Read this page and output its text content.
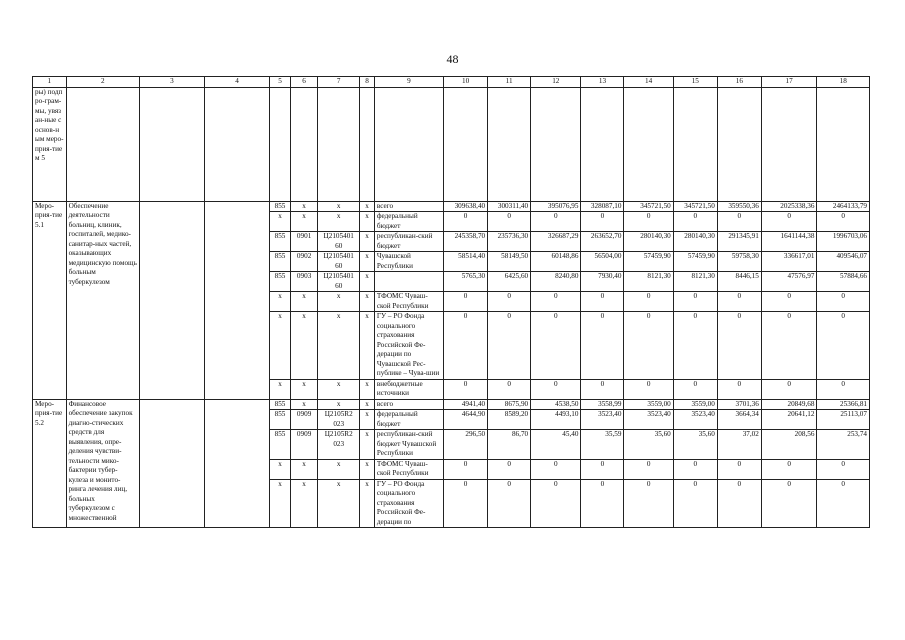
48
1	2	3	4	5	6	7	8	9	10	11	12	13	14	15	16	17	18
ры) подпро-грам-мы, увязан-ные с основ-ным меро-прия-тием 5																	
Меро-прия-тие 5.1	Обеспечение деятельности больниц, клиник, госпиталей, медико-санитар-ных частей, оказывающих медицинскую помощь больным туберкулезом			855	x	x	x	всего	309638,40	300311,40	395076,95	328087,10	345721,50	345721,50	359550,36	2025338,36	2464133,79
				x	x	x	x	федеральный бюджет	0	0	0	0	0	0	0	0	0
				855	0901	Ц2105401 60	x	республикан-ский бюджет	245358,70	235736,30	326687,29	263652,70	280140,30	280140,30	291345,91	1641144,38	1996703,06
				855	0902	Ц2105401 60	x	Чувашской Республики	58514,40	58149,50	60148,86	56504,00	57459,90	57459,90	59758,30	336617,01	409546,07
				855	0903	Ц2105401 60	x		5765,30	6425,60	8240,80	7930,40	8121,30	8121,30	8446,15	47576,97	57884,66
				x	x	x	x	ТФОМС Чуваш-ской Республики	0	0	0	0	0	0	0	0	0
				x	x	x	x	ГУ – РО Фонда социального страхования Российской Фе-дерации по Чувашской Рес-публике – Чува-шии	0	0	0	0	0	0	0	0	0
				x	x	x	x	внебюджетные источники	0	0	0	0	0	0	0	0	0
Меро-прия-тие 5.2	Финансовое обеспечение закупок диагно-стических средств для выявления, опре-деления чувстви-тельности мико-бактерии тубер-кулеза и монито-ринга лечения лиц, больных туберкулезом с множественной			855	x	x	x	всего	4941,40	8675,90	4538,50	3558,99	3559,00	3559,00	3701,36	20849,68	25366,81
				855	0909	Ц2105R2 023	x	федеральный бюджет	4644,90	8589,20	4493,10	3523,40	3523,40	3523,40	3664,34	20641,12	25113,07
				855	0909	Ц2105R2 023	x	республикан-ский бюджет Чувашской Республики	296,50	86,70	45,40	35,59	35,60	35,60	37,02	208,56	253,74
				x	x	x	x	ТФОМС Чуваш-ской Республики	0	0	0	0	0	0	0	0	0
				x	x	x	x	ГУ – РО Фонда социального страхования Российской Фе-дерации по	0	0	0	0	0	0	0	0	0
